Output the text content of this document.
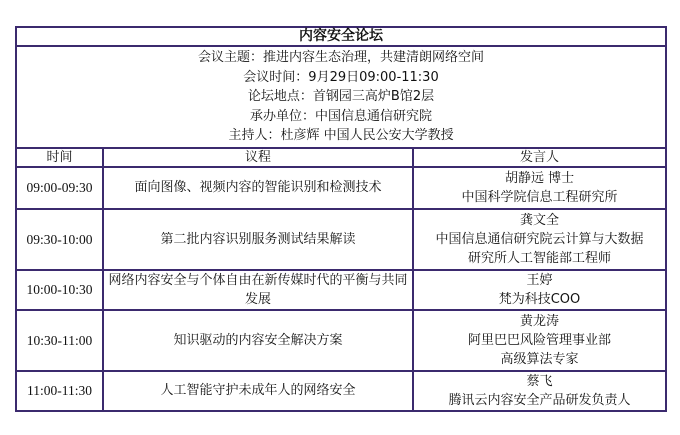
内容安全论坛		

会议主题：推进内容生态治理，共建清朗网络空间
会议时间：9月29日09:00-11:30
论坛地点：首钢园三高炉B馆2层
承办单位：中国信息通信研究院
主持人：杜彦辉 中国人民公安大学教授		

时间	议程	发言人
09:00-09:30	面向图像、视频内容的智能识别和检测技术	胡静远 博士
中国科学院信息工程研究所

09:30-10:00	第二批内容识别服务测试结果解读	龚文全
中国信息通信研究院云计算与大数据
研究所人工智能部工程师

10:00-10:30	网络内容安全与个体自由在新传媒时代的平衡与共同发展	王婷
梵为科技COO

10:30-11:00	知识驱动的内容安全解决方案	黄龙涛
阿里巴巴风险管理事业部
高级算法专家

11:00-11:30	人工智能守护未成年人的网络安全	蔡飞
腾讯云内容安全产品研发负责人
